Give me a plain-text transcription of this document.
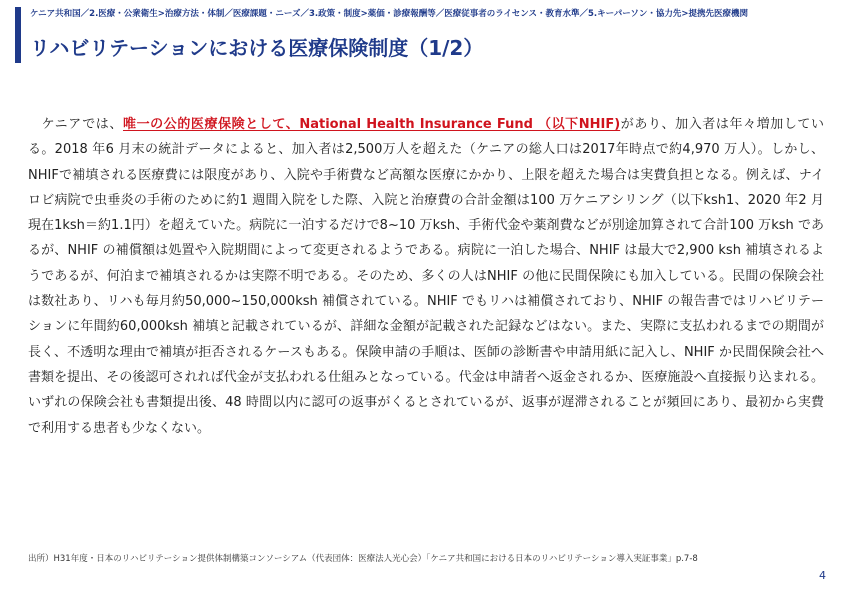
ケニア共和国／2.医療・公衆衛生>治療方法・体制／医療課題・ニーズ／3.政策・制度>薬価・診療報酬等／医療従事者のライセンス・教育水準／5.キーパーソン・協力先>提携先医療機関
リハビリテーションにおける医療保険制度（1/2）

　ケニアでは、唯一の公的医療保険として、National Health Insurance Fund （以下NHIF)があり、加入者は年々増加している。2018 年6 月末の統計データによると、加入者は2,500万人を超えた（ケニアの総人口は2017年時点で約4,970 万人）。しかし、NHIFで補填される医療費には限度があり、入院や手術費など高額な医療にかかり、上限を超えた場合は実費負担となる。例えば、ナイロビ病院で虫垂炎の手術のために約1 週間入院をした際、入院と治療費の合計金額は100 万ケニアシリング（以下ksh1、2020 年2 月現在1ksh＝約1.1円）を超えていた。病院に一泊するだけで8~10 万ksh、手術代金や薬剤費などが別途加算されて合計100 万ksh であるが、NHIF の補償額は処置や入院期間によって変更されるようである。病院に一泊した場合、NHIF は最大で2,900 ksh 補填されるようであるが、何泊まで補填されるかは実際不明である。そのため、多くの人はNHIF の他に民間保険にも加入している。民間の保険会社は数社あり、リハも毎月約50,000~150,000ksh 補償されている。NHIF でもリハは補償されており、NHIF の報告書ではリハビリテーションに年間約60,000ksh 補填と記載されているが、詳細な金額が記載された記録などはない。また、実際に支払われるまでの期間が長く、不透明な理由で補填が拒否されるケースもある。保険申請の手順は、医師の診断書や申請用紙に記入し、NHIF か民間保険会社へ書類を提出、その後認可されれば代金が支払われる仕組みとなっている。代金は申請者へ返金されるか、医療施設へ直接振り込まれる。いずれの保険会社も書類提出後、48 時間以内に認可の返事がくるとされているが、返事が遅滞されることが頻回にあり、最初から実費で利用する患者も少なくない。

出所）H31年度・日本のリハビリテーション提供体制構築コンソーシアム（代表団体：医療法人光心会）「ケニア共和国における日本のリハビリテーション導入実証事業」p.7-8
4
